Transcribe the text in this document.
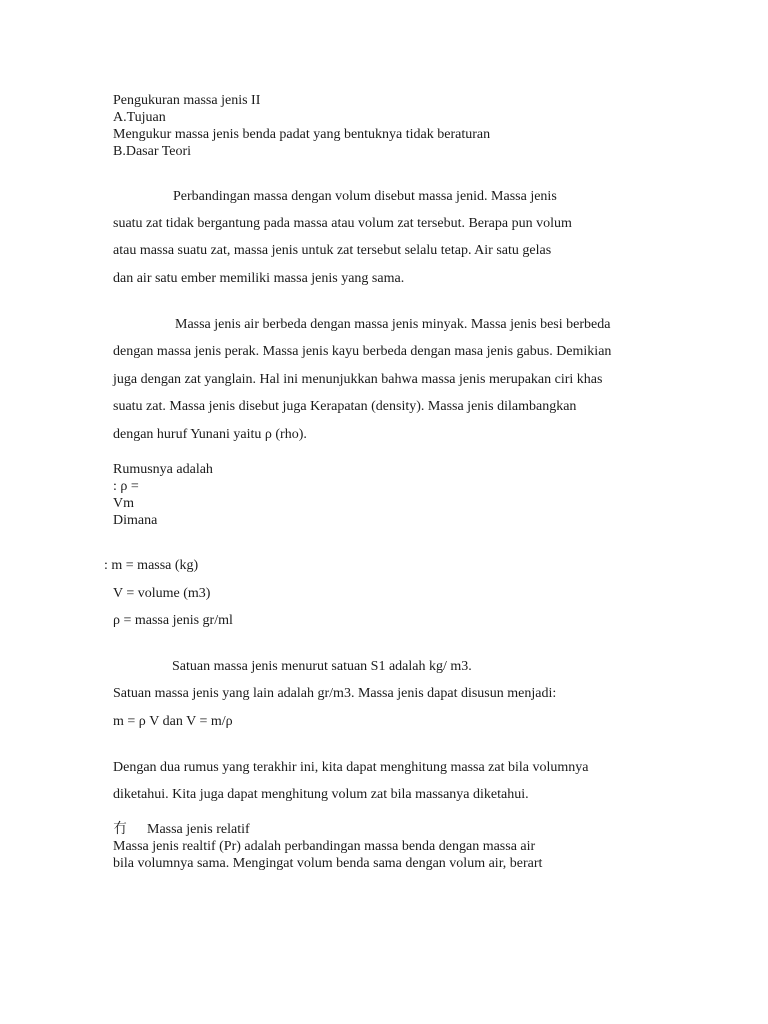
Pengukuran massa jenis II
A.Tujuan
Mengukur massa jenis benda padat yang bentuknya tidak beraturan
B.Dasar Teori
Perbandingan massa dengan volum disebut massa jenid. Massa jenis
suatu zat tidak bergantung pada massa atau volum zat tersebut. Berapa pun volum
atau massa suatu zat, massa jenis untuk zat tersebut selalu tetap. Air satu gelas
dan air satu ember memiliki massa jenis yang sama.
Massa jenis air berbeda dengan massa jenis minyak. Massa jenis besi berbeda
dengan massa jenis perak. Massa jenis kayu berbeda dengan masa jenis gabus. Demikian
juga dengan zat yanglain. Hal ini menunjukkan bahwa massa jenis merupakan ciri khas
suatu zat. Massa jenis disebut juga Kerapatan (density). Massa jenis dilambangkan
dengan huruf Yunani yaitu ρ (rho).
Rumusnya adalah
: ρ =
Vm
Dimana
: m = massa (kg)
V = volume (m3)
ρ = massa jenis gr/ml
Satuan massa jenis menurut satuan S1 adalah kg/ m3.
Satuan massa jenis yang lain adalah gr/m3. Massa jenis dapat disusun menjadi:
m = ρ V dan V = m/ρ
Dengan dua rumus yang terakhir ini, kita dapat menghitung massa zat bila volumnya
diketahui. Kita juga dapat menghitung volum zat bila massanya diketahui.
冇 Massa jenis relatif
Massa jenis realtif (Pr) adalah perbandingan massa benda dengan massa air
bila volumnya sama. Mengingat volum benda sama dengan volum air, berart
